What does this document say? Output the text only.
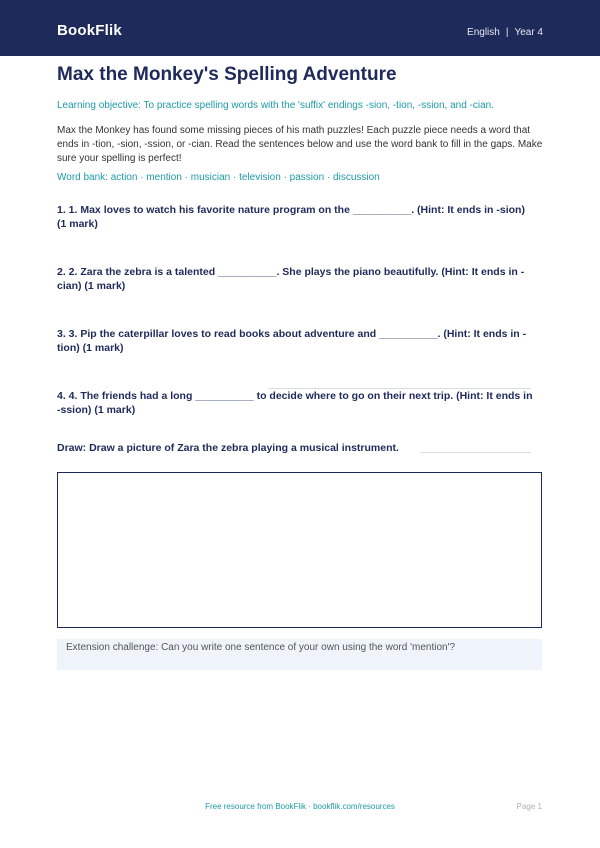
BookFlik	English | Year 4
Max the Monkey's Spelling Adventure
Learning objective: To practice spelling words with the 'suffix' endings -sion, -tion, -ssion, and -cian.
Max the Monkey has found some missing pieces of his math puzzles! Each puzzle piece needs a word that ends in -tion, -sion, -ssion, or -cian. Read the sentences below and use the word bank to fill in the gaps. Make sure your spelling is perfect!
Word bank: action · mention · musician · television · passion · discussion
1. 1. Max loves to watch his favorite nature program on the __________. (Hint: It ends in -sion) (1 mark)
2. 2. Zara the zebra is a talented __________. She plays the piano beautifully. (Hint: It ends in -cian) (1 mark)
3. 3. Pip the caterpillar loves to read books about adventure and __________. (Hint: It ends in -tion) (1 mark)
4. 4. The friends had a long __________ to decide where to go on their next trip. (Hint: It ends in -ssion) (1 mark)
Draw: Draw a picture of Zara the zebra playing a musical instrument.
Extension challenge: Can you write one sentence of your own using the word 'mention'?
Free resource from BookFlik · bookflik.com/resources	Page 1
